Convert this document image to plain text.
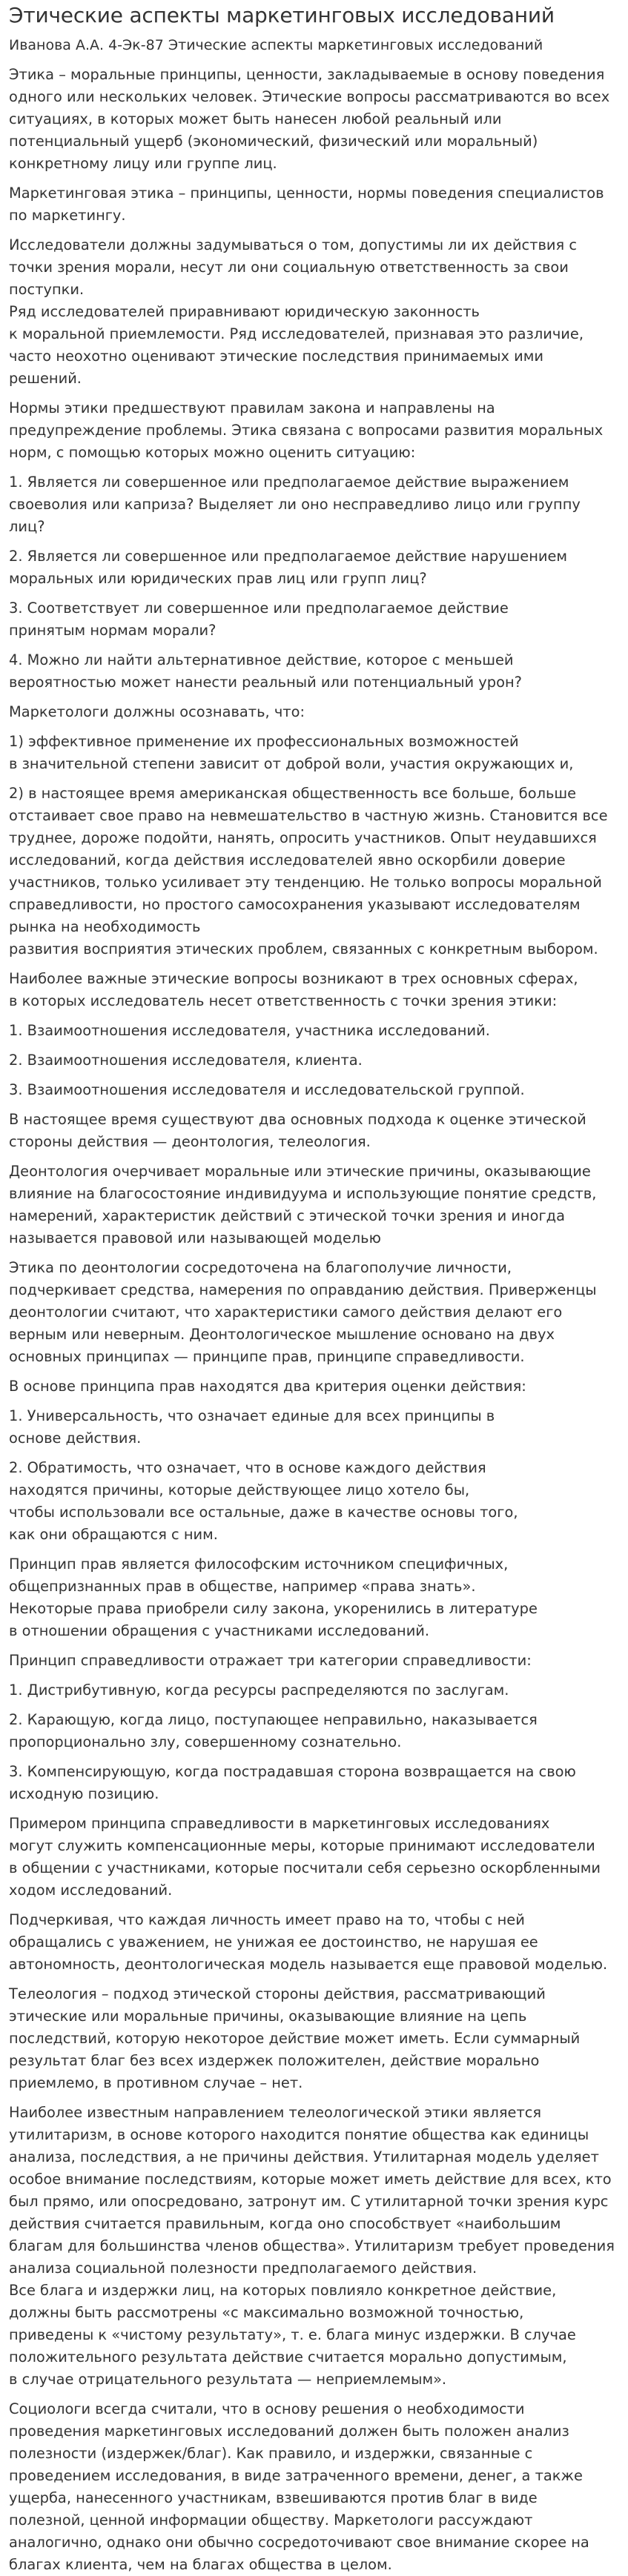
Этические аспекты маркетинговых исследований
Иванова А.А. 4-Эк-87 Этические аспекты маркетинговых исследований

Этика – моральные принципы, ценности, закладываемые в основу поведения одного или нескольких человек. Этические вопросы рассматриваются во всех ситуациях, в которых может быть нанесен любой реальный или потенциальный ущерб (экономический, физический или моральный) конкретному лицу или группе лиц.

Маркетинговая этика – принципы, ценности, нормы поведения специалистов по маркетингу.

Исследователи должны задумываться о том, допустимы ли их действия с точки зрения морали, несут ли они социальную ответственность за свои поступки.
Ряд исследователей приравнивают юридическую законность
к моральной приемлемости. Ряд исследователей, признавая это различие,
часто неохотно оценивают этические последствия принимаемых ими решений.

Нормы этики предшествуют правилам закона и направлены на предупреждение проблемы. Этика связана с вопросами развития моральных норм, с помощью которых можно оценить ситуацию:

1. Является ли совершенное или предполагаемое действие выражением своеволия или каприза? Выделяет ли оно несправедливо лицо или группу лиц?

2. Является ли совершенное или предполагаемое действие нарушением моральных или юридических прав лиц или групп лиц?

3. Соответствует ли совершенное или предполагаемое действие
принятым нормам морали?

4. Можно ли найти альтернативное действие, которое с меньшей вероятностью может нанести реальный или потенциальный урон?

Маркетологи должны осознавать, что:

1) эффективное применение их профессиональных возможностей
в значительной степени зависит от доброй воли, участия окружающих и,

2) в настоящее время американская общественность все больше, больше отстаивает свое право на невмешательство в частную жизнь. Становится все труднее, дороже подойти, нанять, опросить участников. Опыт неудавшихся исследований, когда действия исследователей явно оскорбили доверие участников, только усиливает эту тенденцию. Не только вопросы моральной справедливости, но простого самосохранения указывают исследователям рынка на необходимость
развития восприятия этических проблем, связанных с конкретным выбором.

Наиболее важные этические вопросы возникают в трех основных сферах,
в которых исследователь несет ответственность с точки зрения этики:

1. Взаимоотношения исследователя, участника исследований.

2. Взаимоотношения исследователя, клиента.

3. Взаимоотношения исследователя и исследовательской группой.

В настоящее время существуют два основных подхода к оценке этической стороны действия — деонтология, телеология.

Деонтология очерчивает моральные или этические причины, оказывающие влияние на благосостояние индивидуума и использующие понятие средств, намерений, характеристик действий с этической точки зрения и иногда называется правовой или называющей моделью

Этика по деонтологии сосредоточена на благополучие личности, подчеркивает средства, намерения по оправданию действия. Приверженцы деонтологии считают, что характеристики самого действия делают его верным или неверным. Деонтологическое мышление основано на двух основных принципах — принципе прав, принципе справедливости.

В основе принципа прав находятся два критерия оценки действия:

1. Универсальность, что означает единые для всех принципы в
основe действия.

2. Обратимость, что означает, что в основе каждого действия
находятся причины, которые действующее лицо хотело бы,
чтобы использовали все остальные, даже в качестве основы того,
как они обращаются с ним.

Принцип прав является философским источником специфичных, общепризнанных прав в обществе, например «права знать».
Некоторые права приобрели силу закона, укоренились в литературе
в отношении обращения с участниками исследований.

Принцип справедливости отражает три категории справедливости:

1. Дистрибутивную, когда ресурсы распределяются по заслугам.

2. Карающую, когда лицо, поступающее неправильно, наказывается пропорционально злу, совершенному сознательно.

3. Компенсирующую, когда пострадавшая сторона возвращается на свою исходную позицию.

Примером принципа справедливости в маркетинговых исследованиях
могут служить компенсационные меры, которые принимают исследователи
в общении с участниками, которые посчитали себя серьезно оскорбленными ходом исследований.

Подчеркивая, что каждая личность имеет право на то, чтобы с ней обращались с уважением, не унижая ее достоинство, не нарушая ее автономность, деонтологическая модель называется еще правовой моделью.

Телеология – подход этической стороны действия, рассматривающий этические или моральные причины, оказывающие влияние на цепь последствий, которую некоторое действие может иметь. Если суммарный результат благ без всех издержек положителен, действие морально приемлемо, в противном случае – нет.

Наиболее известным направлением телеологической этики является утилитаризм, в основе которого находится понятие общества как единицы анализа, последствия, а не причины действия. Утилитарная модель уделяет особое внимание последствиям, которые может иметь действие для всех, кто был прямо, или опосредовано, затронут им. С утилитарной точки зрения курс действия считается правильным, когда оно способствует «наибольшим благам для большинства членов общества». Утилитаризм требует проведения анализа социальной полезности предполагаемого действия.
Все блага и издержки лиц, на которых повлияло конкретное действие, должны быть рассмотрены «с максимально возможной точностью,
приведены к «чистому результату», т. е. блага минус издержки. В случае положительного результата действие считается морально допустимым,
в случае отрицательного результата — неприемлемым».

Социологи всегда считали, что в основу решения о необходимости проведения маркетинговых исследований должен быть положен анализ полезности (издержек/благ). Как правило, и издержки, связанные с проведением исследования, в виде затраченного времени, денег, а также ущерба, нанесенного участникам, взвешиваются против благ в виде полезной, ценной информации обществу. Маркетологи рассуждают аналогично, однако они обычно сосредоточивают свое внимание скорее на благах клиента, чем на благах общества в целом.
